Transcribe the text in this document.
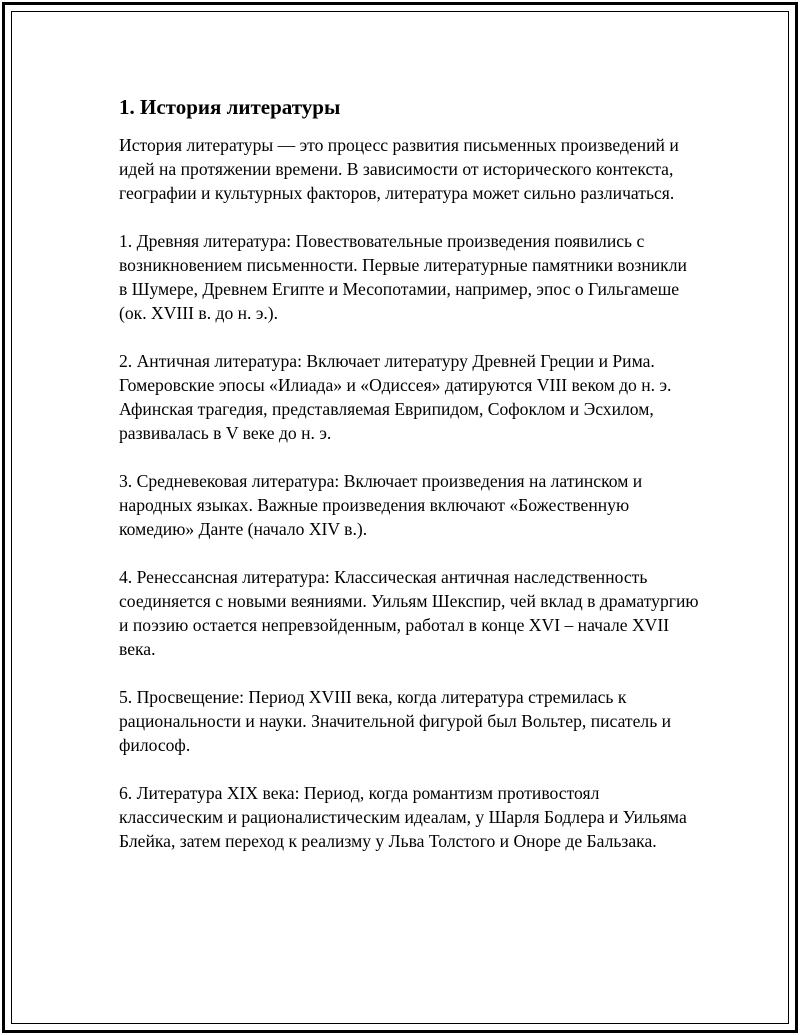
1. История литературы

История литературы — это процесс развития письменных произведений и идей на протяжении времени. В зависимости от исторического контекста, географии и культурных факторов, литература может сильно различаться.

1. Древняя литература: Повествовательные произведения появились с возникновением письменности. Первые литературные памятники возникли в Шумере, Древнем Египте и Месопотамии, например, эпос о Гильгамеше (ок. XVIII в. до н. э.).

2. Античная литература: Включает литературу Древней Греции и Рима. Гомеровские эпосы «Илиада» и «Одиссея» датируются VIII веком до н. э. Афинская трагедия, представляемая Еврипидом, Софоклом и Эсхилом, развивалась в V веке до н. э.

3. Средневековая литература: Включает произведения на латинском и народных языках. Важные произведения включают «Божественную комедию» Данте (начало XIV в.).

4. Ренессансная литература: Классическая античная наследственность соединяется с новыми веяниями. Уильям Шекспир, чей вклад в драматургию и поэзию остается непревзойденным, работал в конце XVI – начале XVII века.

5. Просвещение: Период XVIII века, когда литература стремилась к рациональности и науки. Значительной фигурой был Вольтер, писатель и философ.

6. Литература XIX века: Период, когда романтизм противостоял классическим и рационалистическим идеалам, у Шарля Бодлера и Уильяма Блейка, затем переход к реализму у Льва Толстого и Оноре де Бальзака.
